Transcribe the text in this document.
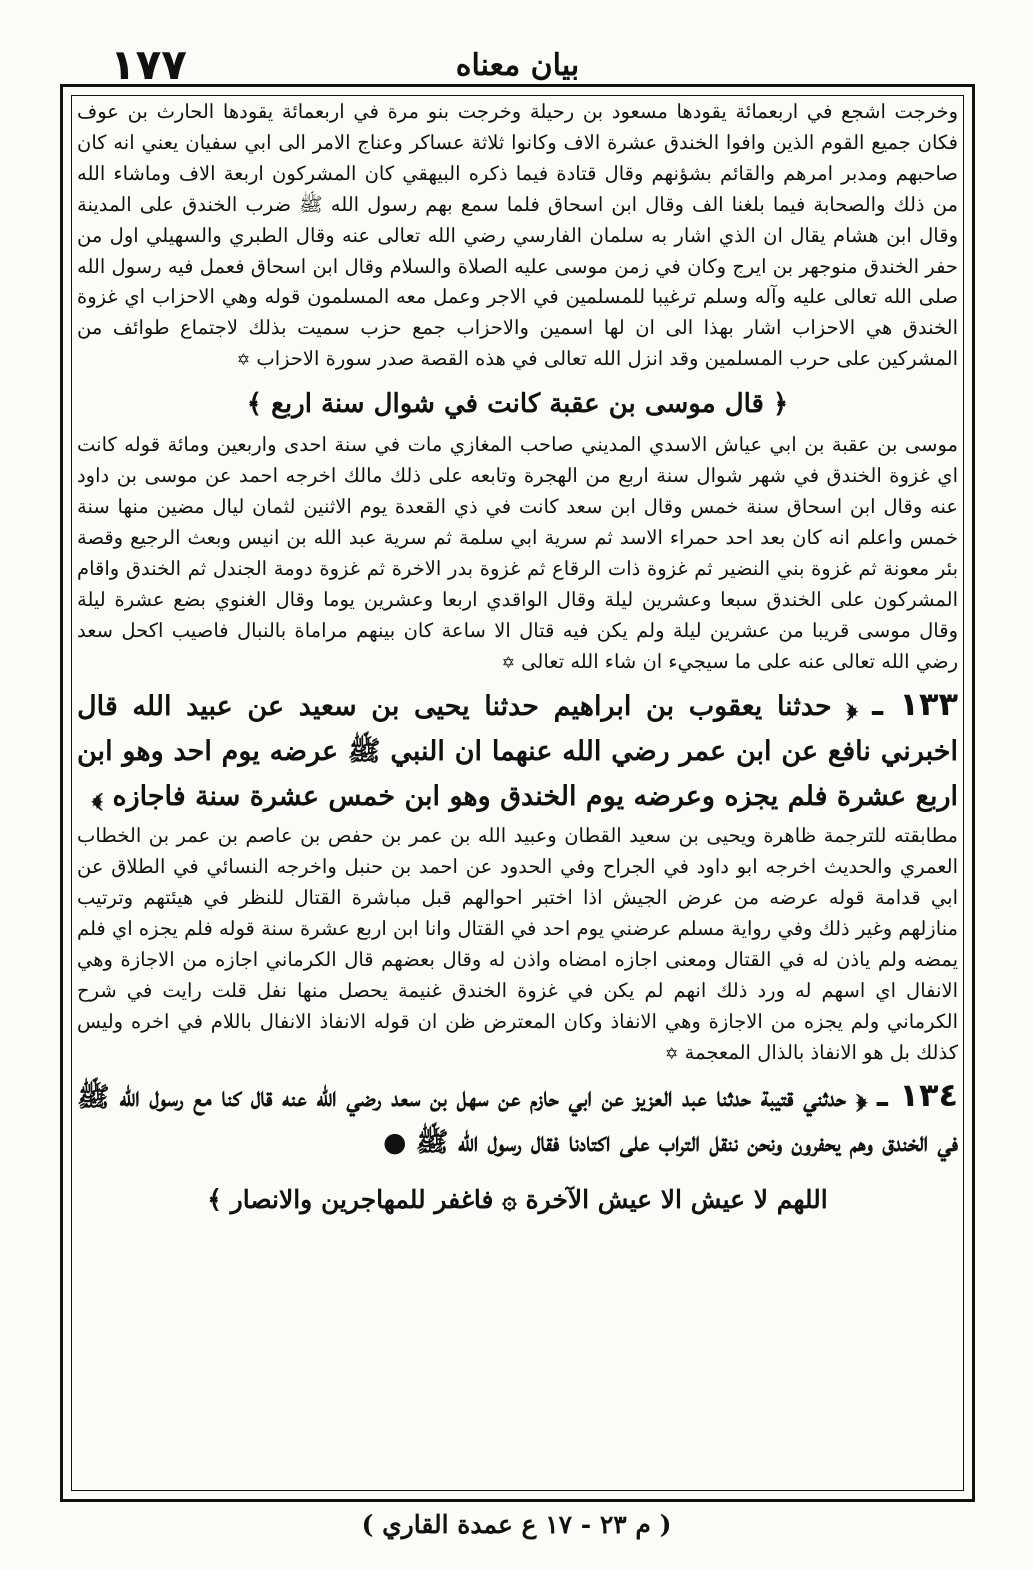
١٧٧	بيان معناه

وخرجت اشجع في اربعمائة يقودها مسعود بن رحيلة وخرجت بنو مرة في اربعمائة يقودها الحارث بن عوف فكان جميع القوم الذين وافوا الخندق عشرة الاف وكانوا ثلاثة عساكر وعناج الامر الى ابي سفيان يعني انه كان صاحبهم ومدبر امرهم والقائم بشؤنهم وقال قتادة فيما ذكره البيهقي كان المشركون اربعة الاف وماشاء الله من ذلك والصحابة فيما بلغنا الف وقال ابن اسحاق فلما سمع بهم رسول الله ﷺ ضرب الخندق على المدينة وقال ابن هشام يقال ان الذي اشار به سلمان الفارسي رضي الله تعالى عنه وقال الطبري والسهيلي اول من حفر الخندق منوجهر بن ايرج وكان في زمن موسى عليه الصلاة والسلام وقال ابن اسحاق فعمل فيه رسول الله صلى الله تعالى عليه وآله وسلم ترغيبا للمسلمين في الاجر وعمل معه المسلمون قوله وهي الاحزاب اي غزوة الخندق هي الاحزاب اشار بهذا الى ان لها اسمين والاحزاب جمع حزب سميت بذلك لاجتماع طوائف من المشركين على حرب المسلمين وقد انزل الله تعالى في هذه القصة صدر سورة الاحزاب ✡

﴿ قال موسى بن عقبة كانت في شوال سنة اربع ﴾

موسى بن عقبة بن ابي عياش الاسدي المديني صاحب المغازي مات في سنة احدى واربعين ومائة قوله كانت اي غزوة الخندق في شهر شوال سنة اربع من الهجرة وتابعه على ذلك مالك اخرجه احمد عن موسى بن داود عنه وقال ابن اسحاق سنة خمس وقال ابن سعد كانت في ذي القعدة يوم الاثنين لثمان ليال مضين منها سنة خمس واعلم انه كان بعد احد حمراء الاسد ثم سرية ابي سلمة ثم سرية عبد الله بن انيس وبعث الرجيع وقصة بئر معونة ثم غزوة بني النضير ثم غزوة ذات الرقاع ثم غزوة بدر الاخرة ثم غزوة دومة الجندل ثم الخندق واقام المشركون على الخندق سبعا وعشرين ليلة وقال الواقدي اربعا وعشرين يوما وقال الغنوي بضع عشرة ليلة وقال موسى قريبا من عشرين ليلة ولم يكن فيه قتال الا ساعة كان بينهم مراماة بالنبال فاصيب اكحل سعد رضي الله تعالى عنه على ما سيجيء ان شاء الله تعالى ✡

١٣٣ ـ ﴿ حدثنا يعقوب بن ابراهيم حدثنا يحيى بن سعيد عن عبيد الله قال اخبرني نافع عن ابن عمر رضي الله عنهما ان النبي ﷺ عرضه يوم احد وهو ابن اربع عشرة فلم يجزه وعرضه يوم الخندق وهو ابن خمس عشرة سنة فاجازه ﴾

مطابقته للترجمة ظاهرة ويحيى بن سعيد القطان وعبيد الله بن عمر بن حفص بن عاصم بن عمر بن الخطاب العمري والحديث اخرجه ابو داود في الجراح وفي الحدود عن احمد بن حنبل واخرجه النسائي في الطلاق عن ابي قدامة قوله عرضه من عرض الجيش اذا اختبر احوالهم قبل مباشرة القتال للنظر في هيئتهم وترتيب منازلهم وغير ذلك وفي رواية مسلم عرضني يوم احد في القتال وانا ابن اربع عشرة سنة قوله فلم يجزه اي فلم يمضه ولم ياذن له في القتال ومعنى اجازه امضاه واذن له وقال بعضهم قال الكرماني اجازه من الاجازة وهي الانفال اي اسهم له ورد ذلك انهم لم يكن في غزوة الخندق غنيمة يحصل منها نفل قلت رايت في شرح الكرماني ولم يجزه من الاجازة وهي الانفاذ وكان المعترض ظن ان قوله الانفاذ الانفال باللام في اخره وليس كذلك بل هو الانفاذ بالذال المعجمة ✡

١٣٤ ـ ﴿ حدثني قتيبة حدثنا عبد العزيز عن ابي حازم عن سهل بن سعد رضي الله عنه قال كنا مع رسول الله ﷺ في الخندق وهم يحفرون ونحن ننقل التراب على اكتادنا فقال رسول الله ﷺ ●

اللهم لا عيش الا عيش الآخرة ۞ فاغفر للمهاجرين والانصار ﴾
( م ٢٣ - ١٧ ع عمدة القاري )
